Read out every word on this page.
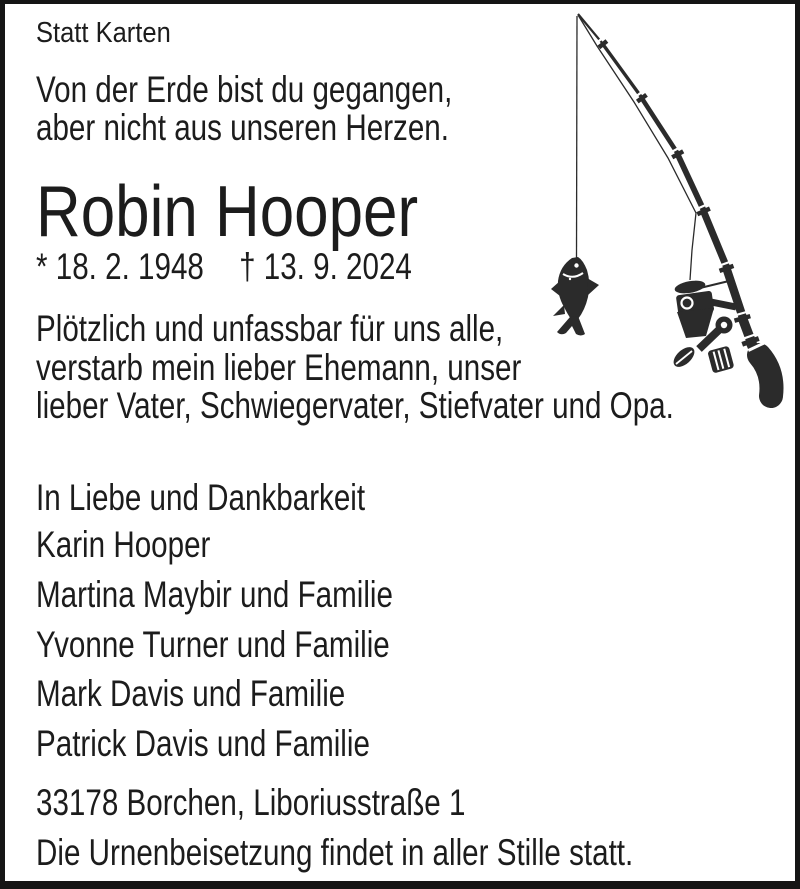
Statt Karten
Von der Erde bist du gegangen,
aber nicht aus unseren Herzen.
Robin Hooper
* 18. 2. 1948 † 13. 9. 2024
Plötzlich und unfassbar für uns alle,
verstarb mein lieber Ehemann, unser
lieber Vater, Schwiegervater, Stiefvater und Opa.
In Liebe und Dankbarkeit
Karin Hooper
Martina Maybir und Familie
Yvonne Turner und Familie
Mark Davis und Familie
Patrick Davis und Familie
33178 Borchen, Liboriusstraße 1
Die Urnenbeisetzung findet in aller Stille statt.
